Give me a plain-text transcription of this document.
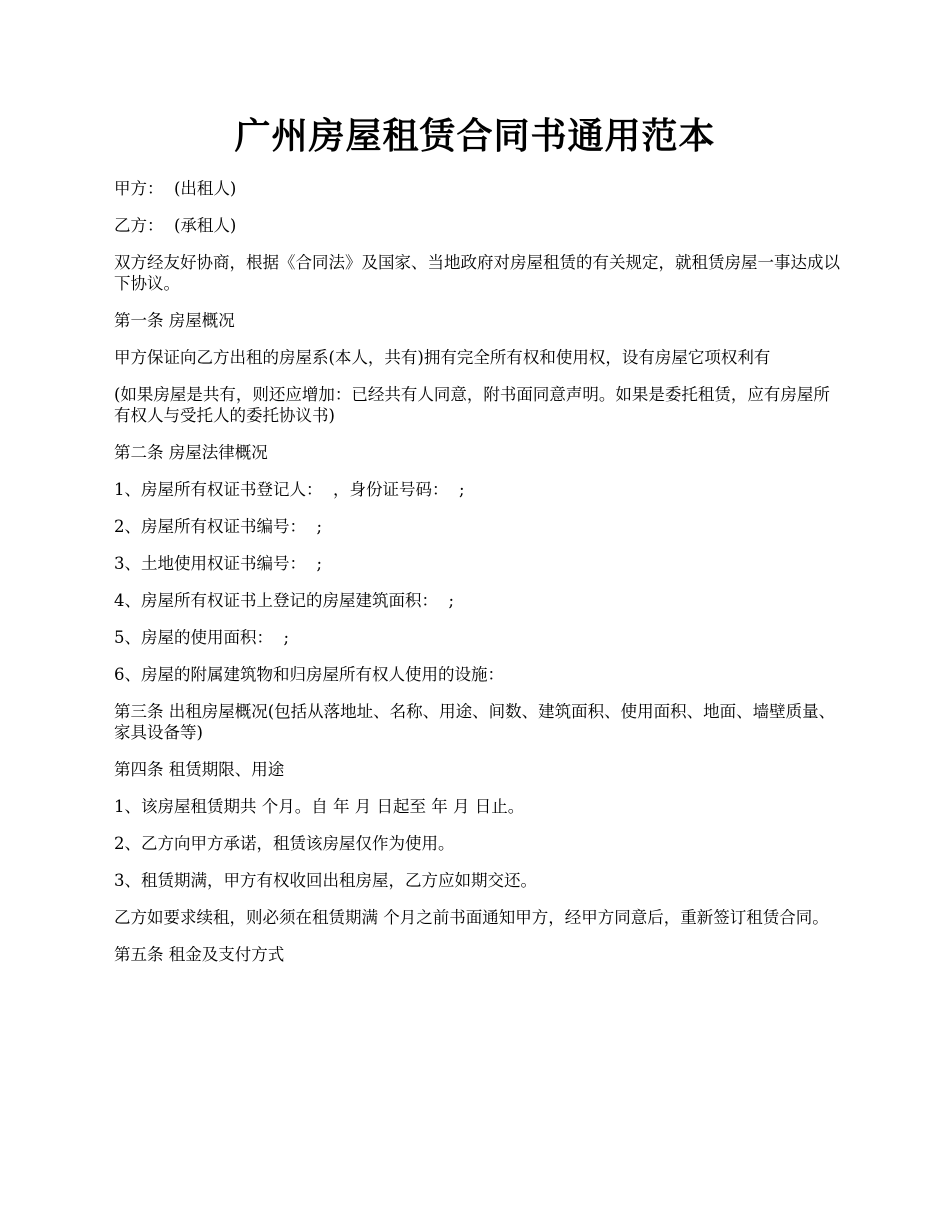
广州房屋租赁合同书通用范本

甲方：  (出租人)

乙方：  (承租人)

双方经友好协商，根据《合同法》及国家、当地政府对房屋租赁的有关规定，就租赁房屋一事达成以下协议。

第一条 房屋概况

甲方保证向乙方出租的房屋系(本人，共有)拥有完全所有权和使用权，设有房屋它项权利有

(如果房屋是共有，则还应增加：已经共有人同意，附书面同意声明。如果是委托租赁，应有房屋所有权人与受托人的委托协议书)

第二条 房屋法律概况

1、房屋所有权证书登记人：  ，身份证号码：  ;

2、房屋所有权证书编号：  ;

3、土地使用权证书编号：  ;

4、房屋所有权证书上登记的房屋建筑面积：  ;

5、房屋的使用面积：  ;

6、房屋的附属建筑物和归房屋所有权人使用的设施：

第三条 出租房屋概况(包括从落地址、名称、用途、间数、建筑面积、使用面积、地面、墙壁质量、家具设备等)

第四条 租赁期限、用途

1、该房屋租赁期共 个月。自 年 月 日起至 年 月 日止。

2、乙方向甲方承诺，租赁该房屋仅作为使用。

3、租赁期满，甲方有权收回出租房屋，乙方应如期交还。

乙方如要求续租，则必须在租赁期满 个月之前书面通知甲方，经甲方同意后，重新签订租赁合同。

第五条 租金及支付方式
